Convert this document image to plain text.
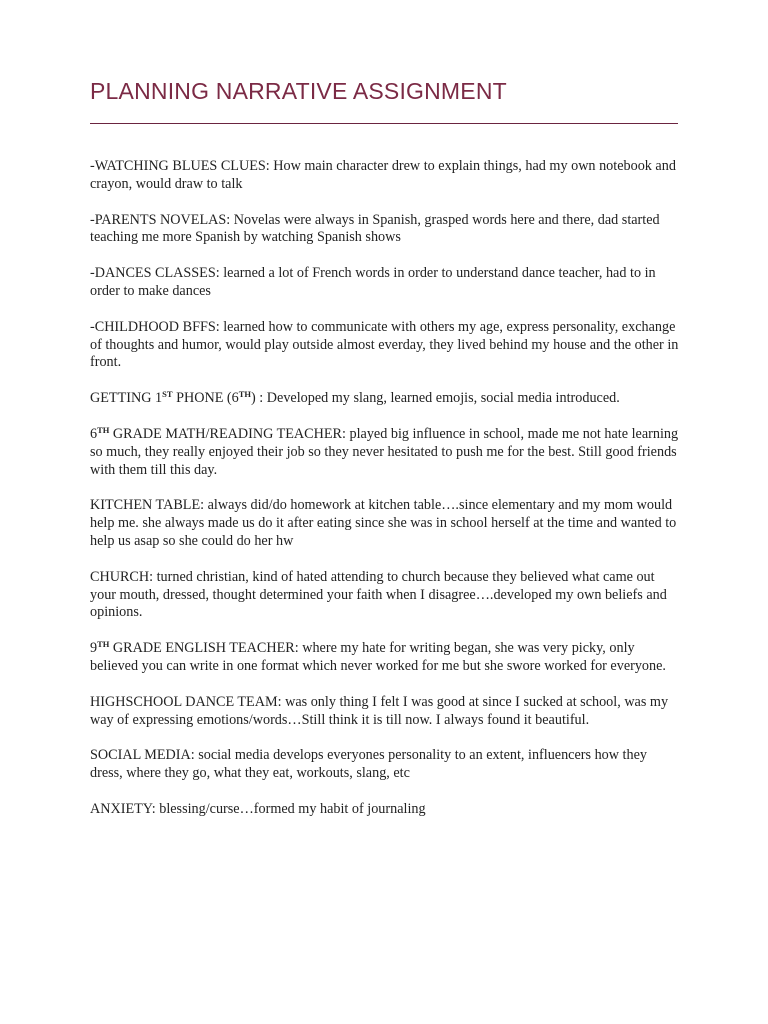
PLANNING NARRATIVE ASSIGNMENT

-WATCHING BLUES CLUES: How main character drew to explain things, had my own notebook and crayon, would draw to talk

-PARENTS NOVELAS: Novelas were always in Spanish, grasped words here and there, dad started teaching me more Spanish by watching Spanish shows

-DANCES CLASSES: learned a lot of French words in order to understand dance teacher, had to in order to make dances

-CHILDHOOD BFFS: learned how to communicate with others my age, express personality, exchange of thoughts and humor, would play outside almost everday, they lived behind my house and the other in front.

GETTING 1ST PHONE (6TH) : Developed my slang, learned emojis, social media introduced.

6TH GRADE MATH/READING TEACHER: played big influence in school, made me not hate learning so much, they really enjoyed their job so they never hesitated to push me for the best. Still good friends with them till this day.

KITCHEN TABLE: always did/do homework at kitchen table….since elementary and my mom would help me. she always made us do it after eating since she was in school herself at the time and wanted to help us asap so she could do her hw

CHURCH: turned christian, kind of hated attending to church because they believed what came out your mouth, dressed, thought determined your faith when I disagree….developed my own beliefs and opinions.

9TH GRADE ENGLISH TEACHER: where my hate for writing began, she was very picky, only believed you can write in one format which never worked for me but she swore worked for everyone.

HIGHSCHOOL DANCE TEAM: was only thing I felt I was good at since I sucked at school, was my way of expressing emotions/words…Still think it is till now. I always found it beautiful.

SOCIAL MEDIA: social media develops everyones personality to an extent, influencers how they dress, where they go, what they eat, workouts, slang, etc

ANXIETY: blessing/curse…formed my habit of journaling
